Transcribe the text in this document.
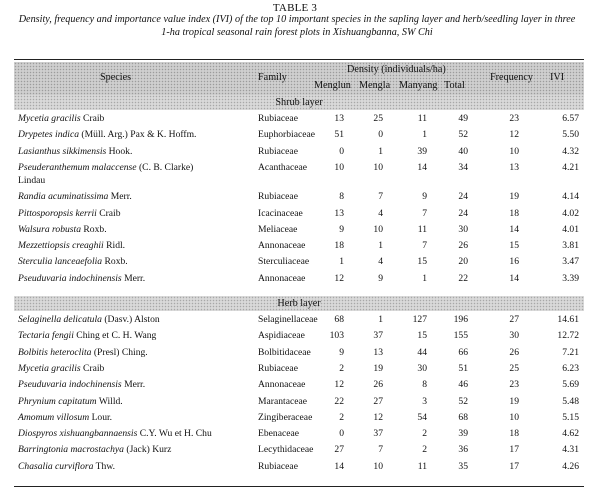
TABLE 3
Density, frequency and importance value index (IVI) of the top 10 important species in the sapling layer and herb/seedling layer in three 1-ha tropical seasonal rain forest plots in Xishuangbanna, SW Chi
Species	Family
Density (individuals/ha)
Menglun Mengla Manyang Total
Frequency IVI
Shrub layer
Mycetia gracilis Craib	Rubiaceae	13	25	11	49	23	6.57
Drypetes indica (Müll. Arg.) Pax & K. Hoffm.	Euphorbiaceae	51	0	1	52	12	5.50
Lasianthus sikkimensis Hook.	Rubiaceae	0	1	39	40	10	4.32
Pseuderanthemum malaccense (C. B. Clarke)
Lindau
Acanthaceae	10	10	14	34	13	4.21
Randia acuminatissima Merr.	Rubiaceae	8	7	9	24	19	4.14
Pittosporopsis kerrii Craib	Icacinaceae	13	4	7	24	18	4.02
Walsura robusta Roxb.	Meliaceae	9	10	11	30	14	4.01
Mezzettiopsis creaghii Ridl.	Annonaceae	18	1	7	26	15	3.81
Sterculia lanceaefolia Roxb.	Sterculiaceae	1	4	15	20	16	3.47
Pseuduvaria indochinensis Merr.	Annonaceae	12	9	1	22	14	3.39
Herb layer
Selaginella delicatula (Dasv.) Alston	Selaginellaceae	68	1	127	196	27	14.61
Tectaria fengii Ching et C. H. Wang	Aspidiaceae	103	37	15	155	30	12.72
Bolbitis heteroclita (Presl) Ching.	Bolbitidaceae	9	13	44	66	26	7.21
Mycetia gracilis Craib	Rubiaceae	2	19	30	51	25	6.23
Pseuduvaria indochinensis Merr.	Annonaceae	12	26	8	46	23	5.69
Phrynium capitatum Willd.	Marantaceae	22	27	3	52	19	5.48
Amomum villosum Lour.	Zingiberaceae	2	12	54	68	10	5.15
Diospyros xishuangbannaensis C.Y. Wu et H. Chu	Ebenaceae	0	37	2	39	18	4.62
Barringtonia macrostachya (Jack) Kurz	Lecythidaceae	27	7	2	36	17	4.31
Chasalia curviflora Thw.	Rubiaceae	14	10	11	35	17	4.26
